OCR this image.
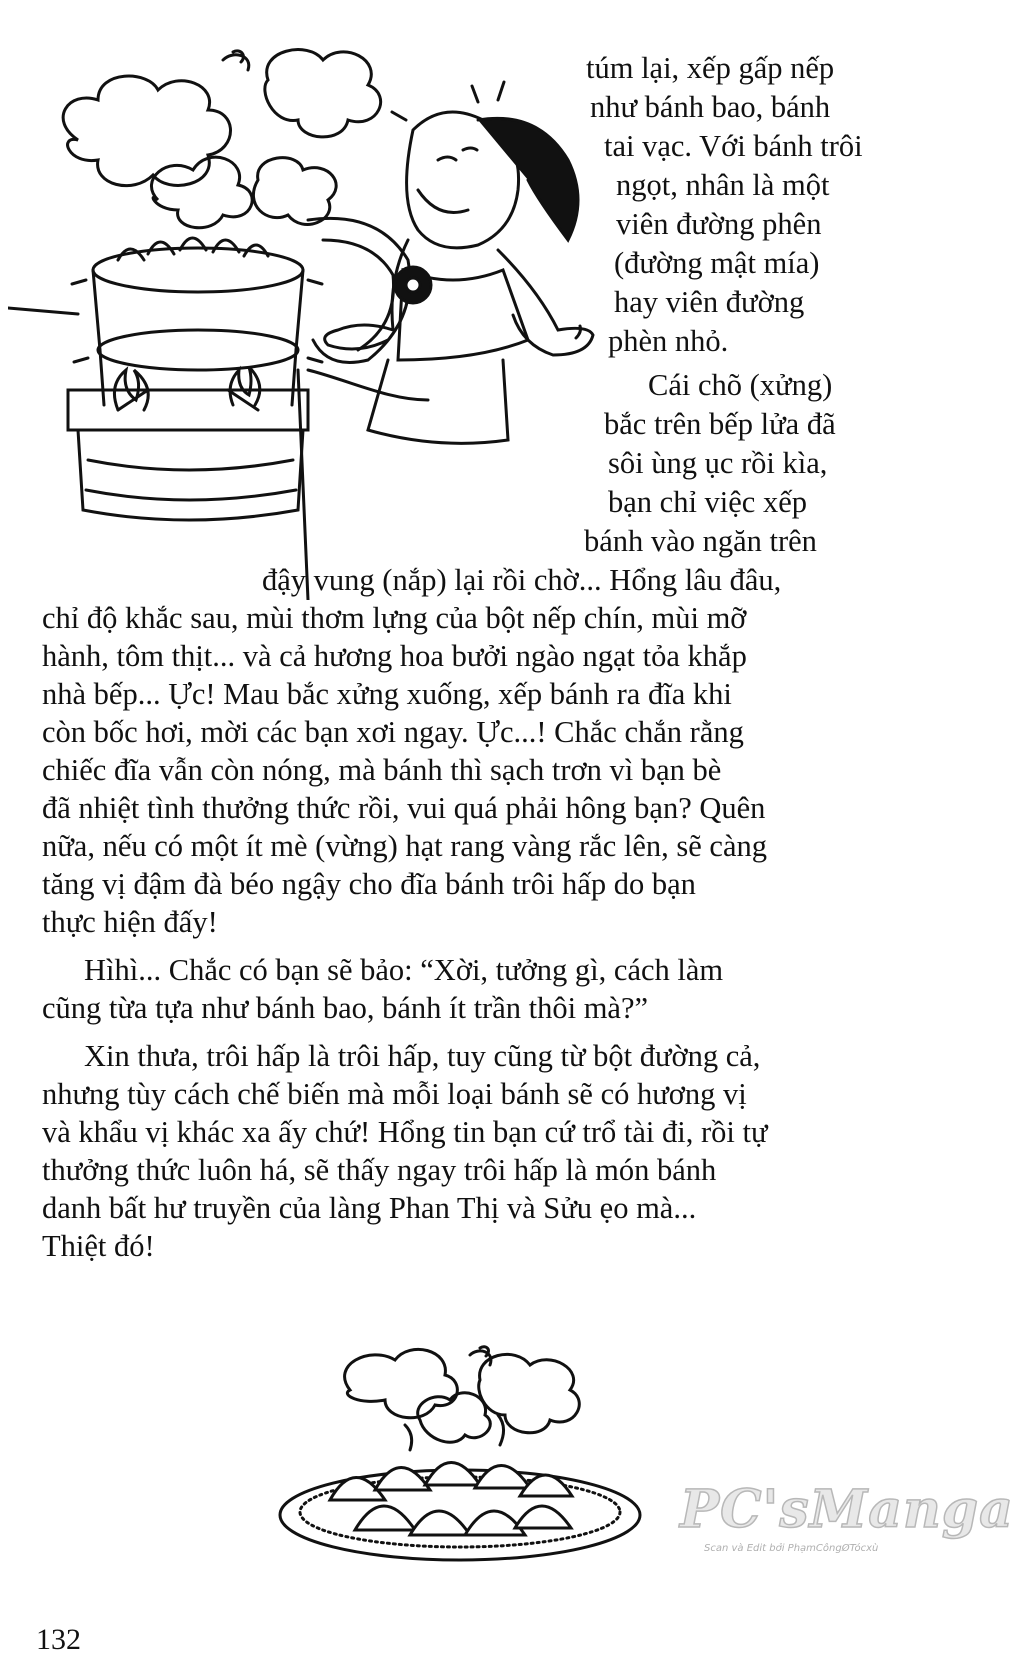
túm lại, xếp gấp nếp

như bánh bao, bánh

tai vạc. Với bánh trôi

ngọt, nhân là một

viên đường phên

(đường mật mía)

hay viên đường

phèn nhỏ.

Cái chõ (xửng)

bắc trên bếp lửa đã

sôi ùng ục rồi kìa,

bạn chỉ việc xếp

bánh vào ngăn trên

đậy vung (nắp) lại rồi chờ... Hổng lâu đâu,

chỉ độ khắc sau, mùi thơm lựng của bột nếp chín, mùi mỡ

hành, tôm thịt... và cả hương hoa bưởi ngào ngạt tỏa khắp

nhà bếp... Ực! Mau bắc xửng xuống, xếp bánh ra đĩa khi

còn bốc hơi, mời các bạn xơi ngay. Ực...! Chắc chắn rằng

chiếc đĩa vẫn còn nóng, mà bánh thì sạch trơn vì bạn bè

đã nhiệt tình thưởng thức rồi, vui quá phải hông bạn? Quên

nữa, nếu có một ít mè (vừng) hạt rang vàng rắc lên, sẽ càng

tăng vị đậm đà béo ngậy cho đĩa bánh trôi hấp do bạn

thực hiện đấy!

Hìhì... Chắc có bạn sẽ bảo: “Xời, tưởng gì, cách làm

cũng từa tựa như bánh bao, bánh ít trần thôi mà?”

Xin thưa, trôi hấp là trôi hấp, tuy cũng từ bột đường cả,

nhưng tùy cách chế biến mà mỗi loại bánh sẽ có hương vị

và khẩu vị khác xa ấy chứ! Hổng tin bạn cứ trổ tài đi, rồi tự

thưởng thức luôn há, sẽ thấy ngay trôi hấp là món bánh

danh bất hư truyền của làng Phan Thị và Sửu ẹo mà...

Thiệt đó!

PC'sManga
Scan và Edit bởi PhạmCôngØTócxù
132
